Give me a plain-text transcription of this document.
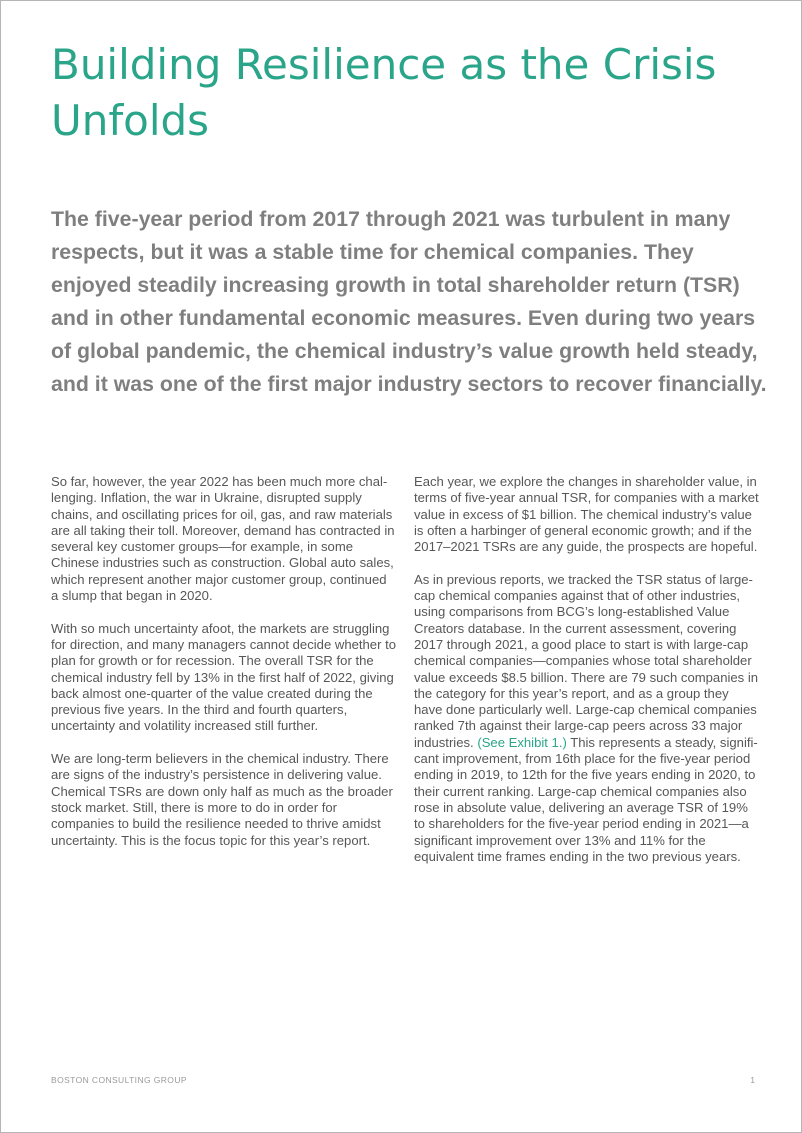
Building Resilience as the Crisis
Unfolds

The five-year period from 2017 through 2021 was turbulent in many respects, but it was a stable time for chemical companies. They enjoyed steadily increasing growth in total shareholder return (TSR) and in other fundamental economic measures. Even during two years of global pandemic, the chemical industry’s value growth held steady, and it was one of the first major industry sectors to recover financially.

So far, however, the year 2022 has been much more challenging. Inflation, the war in Ukraine, disrupted supply chains, and oscillating prices for oil, gas, and raw materials are all taking their toll. Moreover, demand has contracted in several key customer groups—for example, in some Chinese industries such as construction. Global auto sales, which represent another major customer group, continued a slump that began in 2020.

With so much uncertainty afoot, the markets are struggling for direction, and many managers cannot decide whether to plan for growth or for recession. The overall TSR for the chemical industry fell by 13% in the first half of 2022, giving back almost one-quarter of the value created during the previous five years. In the third and fourth quarters, uncertainty and volatility increased still further.

We are long-term believers in the chemical industry. There are signs of the industry’s persistence in delivering value. Chemical TSRs are down only half as much as the broader stock market. Still, there is more to do in order for companies to build the resilience needed to thrive amidst uncertainty. This is the focus topic for this year’s report.

Each year, we explore the changes in shareholder value, in terms of five-year annual TSR, for companies with a market value in excess of $1 billion. The chemical industry’s value is often a harbinger of general economic growth; and if the 2017–2021 TSRs are any guide, the prospects are hopeful.

As in previous reports, we tracked the TSR status of largecap chemical companies against that of other industries, using comparisons from BCG’s long-established Value Creators database. In the current assessment, covering 2017 through 2021, a good place to start is with large-cap chemical companies—companies whose total shareholder value exceeds $8.5 billion. There are 79 such companies in the category for this year’s report, and as a group they have done particularly well. Large-cap chemical companies ranked 7th against their large-cap peers across 33 major industries. (See Exhibit 1.) This represents a steady, significant improvement, from 16th place for the five-year period ending in 2019, to 12th for the five years ending in 2020, to their current ranking. Large-cap chemical companies also rose in absolute value, delivering an average TSR of 19% to shareholders for the five-year period ending in 2021—a significant improvement over 13% and 11% for the equivalent time frames ending in the two previous years.

BOSTON CONSULTING GROUP	1
